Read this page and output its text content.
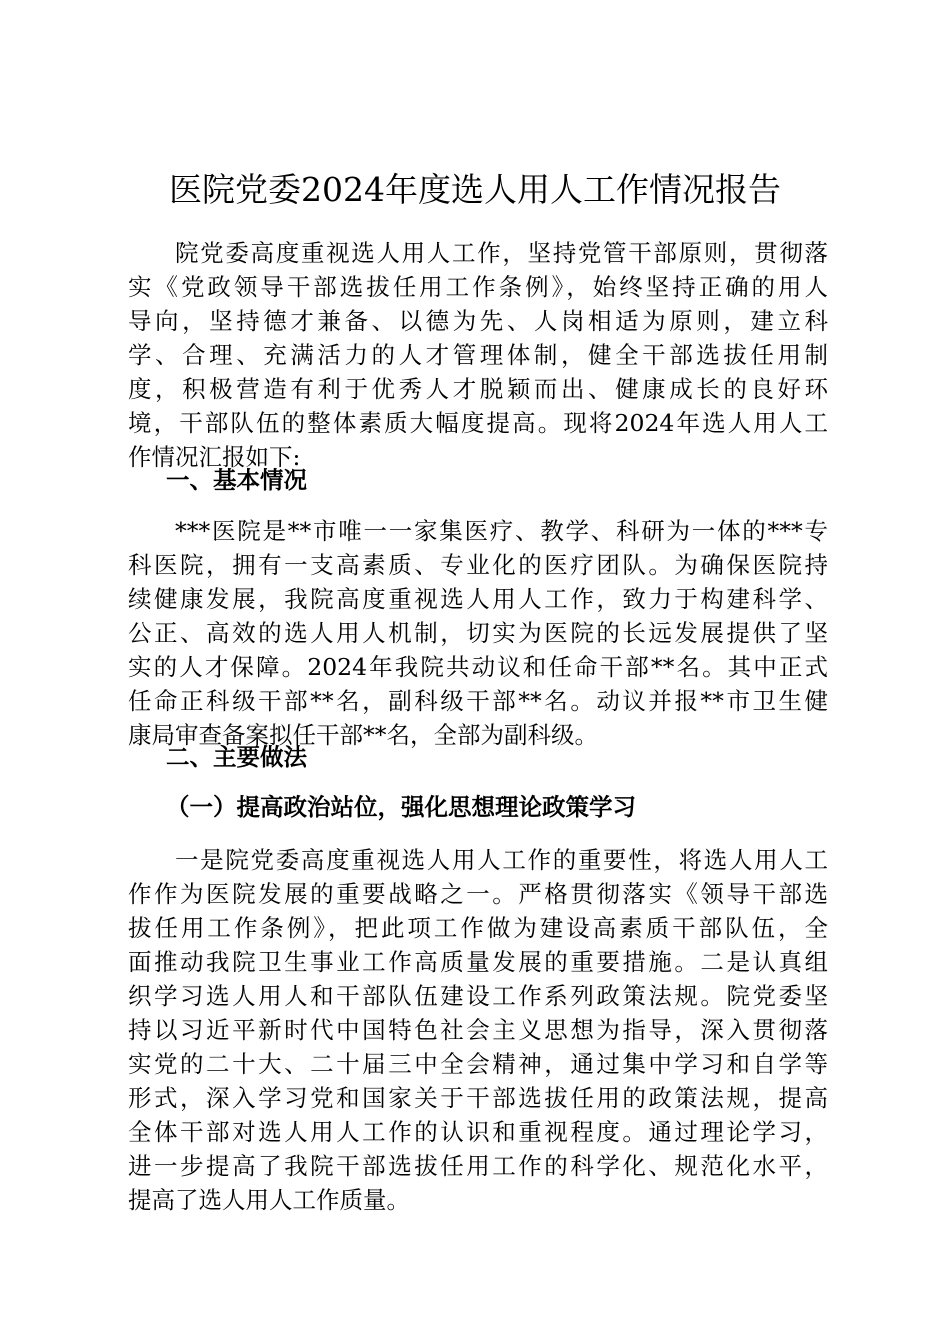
医院党委2024年度选人用人工作情况报告
院党委高度重视选人用人工作，坚持党管干部原则，贯彻落
实《党政领导干部选拔任用工作条例》，始终坚持正确的用人
导向，坚持德才兼备、以德为先、人岗相适为原则，建立科
学、合理、充满活力的人才管理体制，健全干部选拔任用制
度，积极营造有利于优秀人才脱颖而出、健康成长的良好环
境，干部队伍的整体素质大幅度提高。现将2024年选人用人工
作情况汇报如下:
一、基本情况
***医院是**市唯一一家集医疗、教学、科研为一体的***专
科医院，拥有一支高素质、专业化的医疗团队。为确保医院持
续健康发展，我院高度重视选人用人工作，致力于构建科学、
公正、高效的选人用人机制，切实为医院的长远发展提供了坚
实的人才保障。2024年我院共动议和任命干部**名。其中正式
任命正科级干部**名，副科级干部**名。动议并报**市卫生健
康局审查备案拟任干部**名，全部为副科级。
二、主要做法
（一）提高政治站位，强化思想理论政策学习
一是院党委高度重视选人用人工作的重要性，将选人用人工
作作为医院发展的重要战略之一。严格贯彻落实《领导干部选
拔任用工作条例》，把此项工作做为建设高素质干部队伍，全
面推动我院卫生事业工作高质量发展的重要措施。二是认真组
织学习选人用人和干部队伍建设工作系列政策法规。院党委坚
持以习近平新时代中国特色社会主义思想为指导，深入贯彻落
实党的二十大、二十届三中全会精神，通过集中学习和自学等
形式，深入学习党和国家关于干部选拔任用的政策法规，提高
全体干部对选人用人工作的认识和重视程度。通过理论学习，
进一步提高了我院干部选拔任用工作的科学化、规范化水平，
提高了选人用人工作质量。
